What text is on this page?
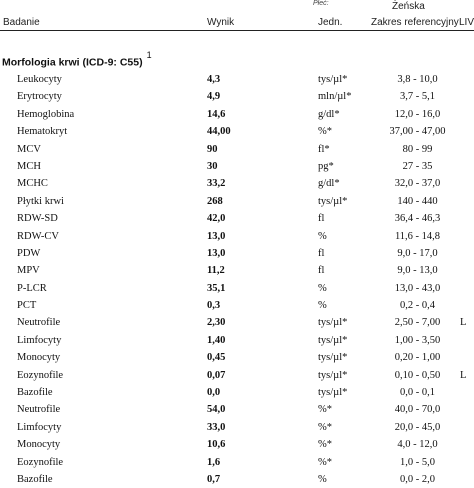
Płeć:	Żeńska
Badanie	Wynik	Jedn.	Zakres referencyjny LIV
Morfologia krwi (ICD-9: C55)$^1$
Leukocyty	4,3	tys/µl*	3,8 - 10,0
Erytrocyty	4,9	mln/µl*	3,7 - 5,1
Hemoglobina	14,6	g/dl*	12,0 - 16,0
Hematokryt	44,00	%*	37,00 - 47,00
MCV	90	fl*	80 - 99
MCH	30	pg*	27 - 35
MCHC	33,2	g/dl*	32,0 - 37,0
Płytki krwi	268	tys/µl*	140 - 440
RDW-SD	42,0	fl	36,4 - 46,3
RDW-CV	13,0	%	11,6 - 14,8
PDW	13,0	fl	9,0 - 17,0
MPV	11,2	fl	9,0 - 13,0
P-LCR	35,1	%	13,0 - 43,0
PCT	0,3	%	0,2 - 0,4
Neutrofile	2,30	tys/µl*	2,50 - 7,00	L
Limfocyty	1,40	tys/µl*	1,00 - 3,50
Monocyty	0,45	tys/µl*	0,20 - 1,00
Eozynofile	0,07	tys/µl*	0,10 - 0,50	L
Bazofile	0,0	tys/µl*	0,0 - 0,1
Neutrofile	54,0	%*	40,0 - 70,0
Limfocyty	33,0	%*	20,0 - 45,0
Monocyty	10,6	%*	4,0 - 12,0
Eozynofile	1,6	%*	1,0 - 5,0
Bazofile	0,7	%	0,0 - 2,0
